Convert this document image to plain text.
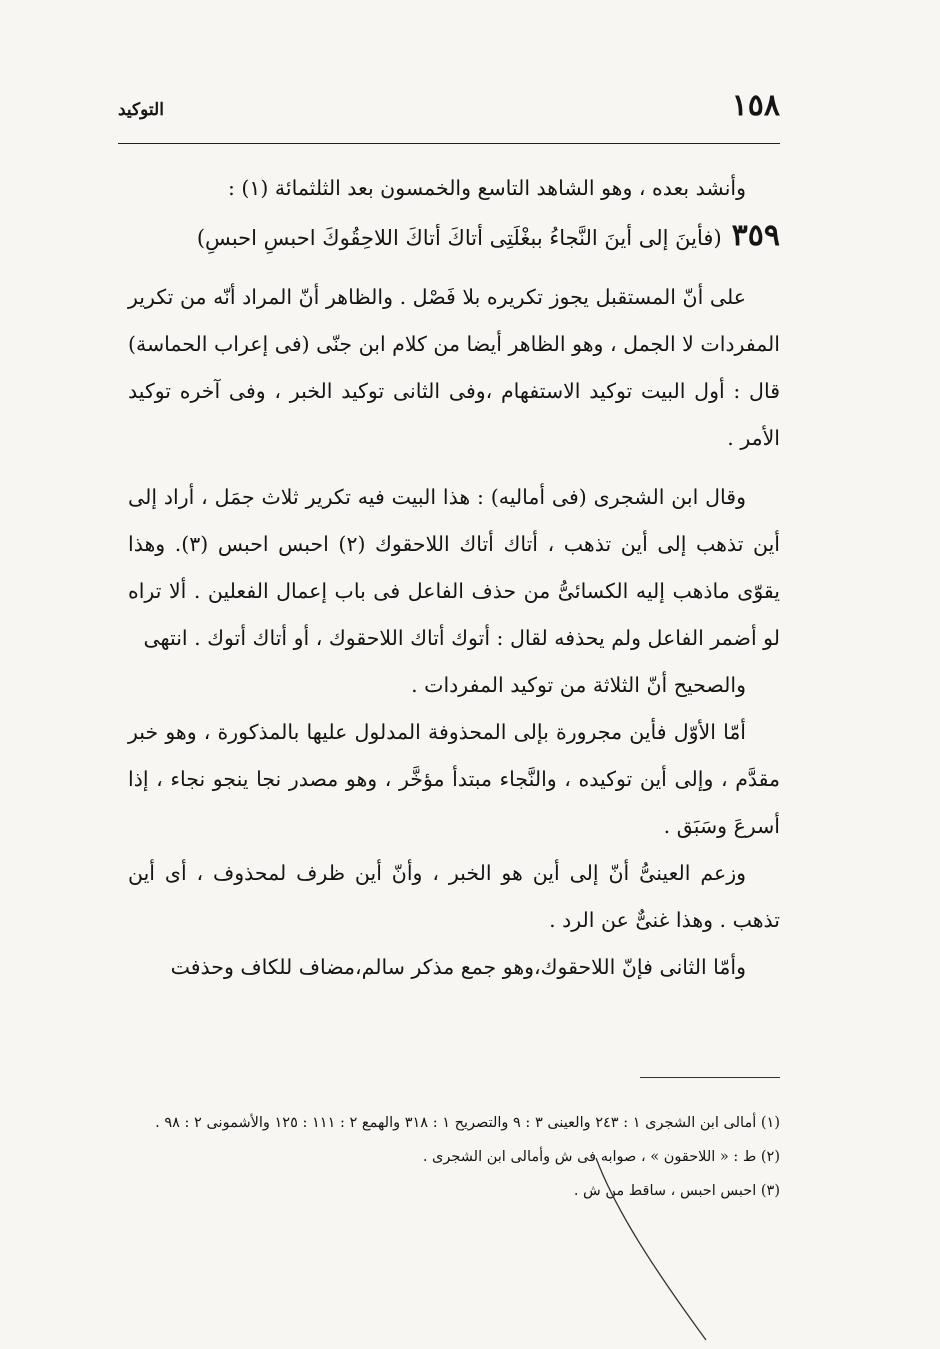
١٥٨
التوكيد

وأنشد بعده ، وهو الشاهد التاسع والخمسون بعد الثلثمائة (١) :

٣٥٩
(فأينَ إلى أينَ النَّجاءُ ببغْلَتِى أتاكَ أتاكَ اللاحِقُوكَ احبسِ احبسِ)

على أنّ المستقبل يجوز تكريره بلا فَصْل . والظاهر أنّ المراد أنّه من تكرير المفردات لا الجمل ، وهو الظاهر أيضا من كلام ابن جنّى (فى إعراب الحماسة) قال : أول البيت توكيد الاستفهام ،وفى الثانى توكيد الخبر ، وفى آخره توكيد الأمر .

وقال ابن الشجرى (فى أماليه) : هذا البيت فيه تكرير ثلاث جمَل ، أراد إلى أين تذهب إلى أين تذهب ، أتاك أتاك اللاحقوك (٢) احبس احبس (٣). وهذا يقوّى ماذهب إليه الكسائىُّ من حذف الفاعل فى باب إعمال الفعلين . ألا تراه لو أضمر الفاعل ولم يحذفه لقال : أتوك أتاك اللاحقوك ، أو أتاك أتوك . انتهى

والصحيح أنّ الثلاثة من توكيد المفردات .

أمّا الأوّل فأين مجرورة بإلى المحذوفة المدلول عليها بالمذكورة ، وهو خبر مقدَّم ، وإلى أين توكيده ، والنَّجاء مبتدأ مؤخَّر ، وهو مصدر نجا ينجو نجاء ، إذا أسرعَ وسَبَق .

وزعم العينىُّ أنّ إلى أين هو الخبر ، وأنّ أين ظرف لمحذوف ، أى أين تذهب . وهذا غنىٌّ عن الرد .

وأمّا الثانى فإنّ اللاحقوك،وهو جمع مذكر سالم،مضاف للكاف وحذفت

(١) أمالى ابن الشجرى ١ : ٢٤٣ والعينى ٣ : ٩ والتصريح ١ : ٣١٨ والهمع ٢ : ١١١ : ١٢٥ والأشمونى ٢ : ٩٨ .

(٢) ط : « اللاحقون » ، صوابه فى ش وأمالى ابن الشجرى .

(٣) احبس احبس ، ساقط من ش .
